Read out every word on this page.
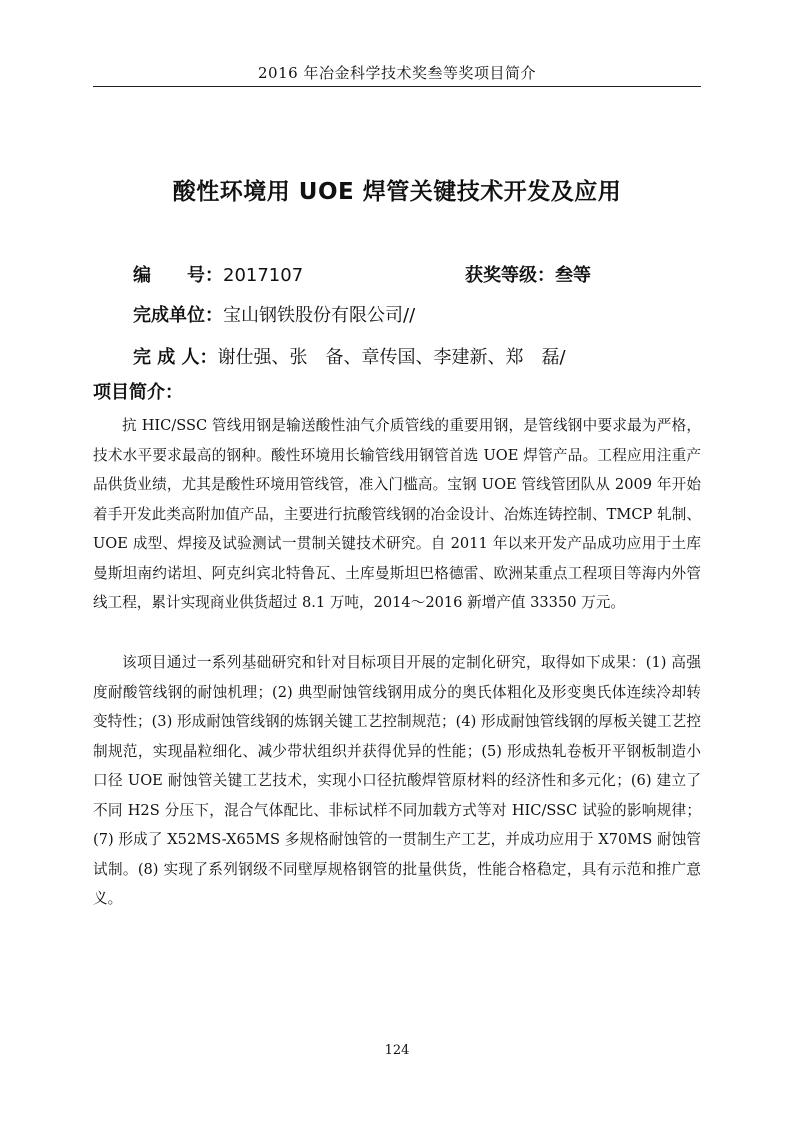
2016 年冶金科学技术奖叁等奖项目简介
酸性环境用 UOE 焊管关键技术开发及应用
编　　号：2017107	获奖等级：叁等
完成单位：宝山钢铁股份有限公司//
完 成 人：谢仕强、张　备、章传国、李建新、郑　磊/
项目简介：

抗 HIC/SSC 管线用钢是输送酸性油气介质管线的重要用钢，是管线钢中要求最为严格，技术水平要求最高的钢种。酸性环境用长输管线用钢管首选 UOE 焊管产品。工程应用注重产品供货业绩，尤其是酸性环境用管线管，准入门槛高。宝钢 UOE 管线管团队从 2009 年开始着手开发此类高附加值产品，主要进行抗酸管线钢的冶金设计、冶炼连铸控制、TMCP 轧制、UOE 成型、焊接及试验测试一贯制关键技术研究。自 2011 年以来开发产品成功应用于土库曼斯坦南约诺坦、阿克纠宾北特鲁瓦、土库曼斯坦巴格德雷、欧洲某重点工程项目等海内外管线工程，累计实现商业供货超过 8.1 万吨，2014～2016 新增产值 33350 万元。

该项目通过一系列基础研究和针对目标项目开展的定制化研究，取得如下成果：(1) 高强度耐酸管线钢的耐蚀机理；(2) 典型耐蚀管线钢用成分的奥氏体粗化及形变奥氏体连续冷却转变特性；(3) 形成耐蚀管线钢的炼钢关键工艺控制规范；(4) 形成耐蚀管线钢的厚板关键工艺控制规范，实现晶粒细化、减少带状组织并获得优异的性能；(5) 形成热轧卷板开平钢板制造小口径 UOE 耐蚀管关键工艺技术，实现小口径抗酸焊管原材料的经济性和多元化；(6) 建立了不同 H2S 分压下，混合气体配比、非标试样不同加载方式等对 HIC/SSC 试验的影响规律；(7) 形成了 X52MS-X65MS 多规格耐蚀管的一贯制生产工艺，并成功应用于 X70MS 耐蚀管试制。(8) 实现了系列钢级不同壁厚规格钢管的批量供货，性能合格稳定，具有示范和推广意义。

124
